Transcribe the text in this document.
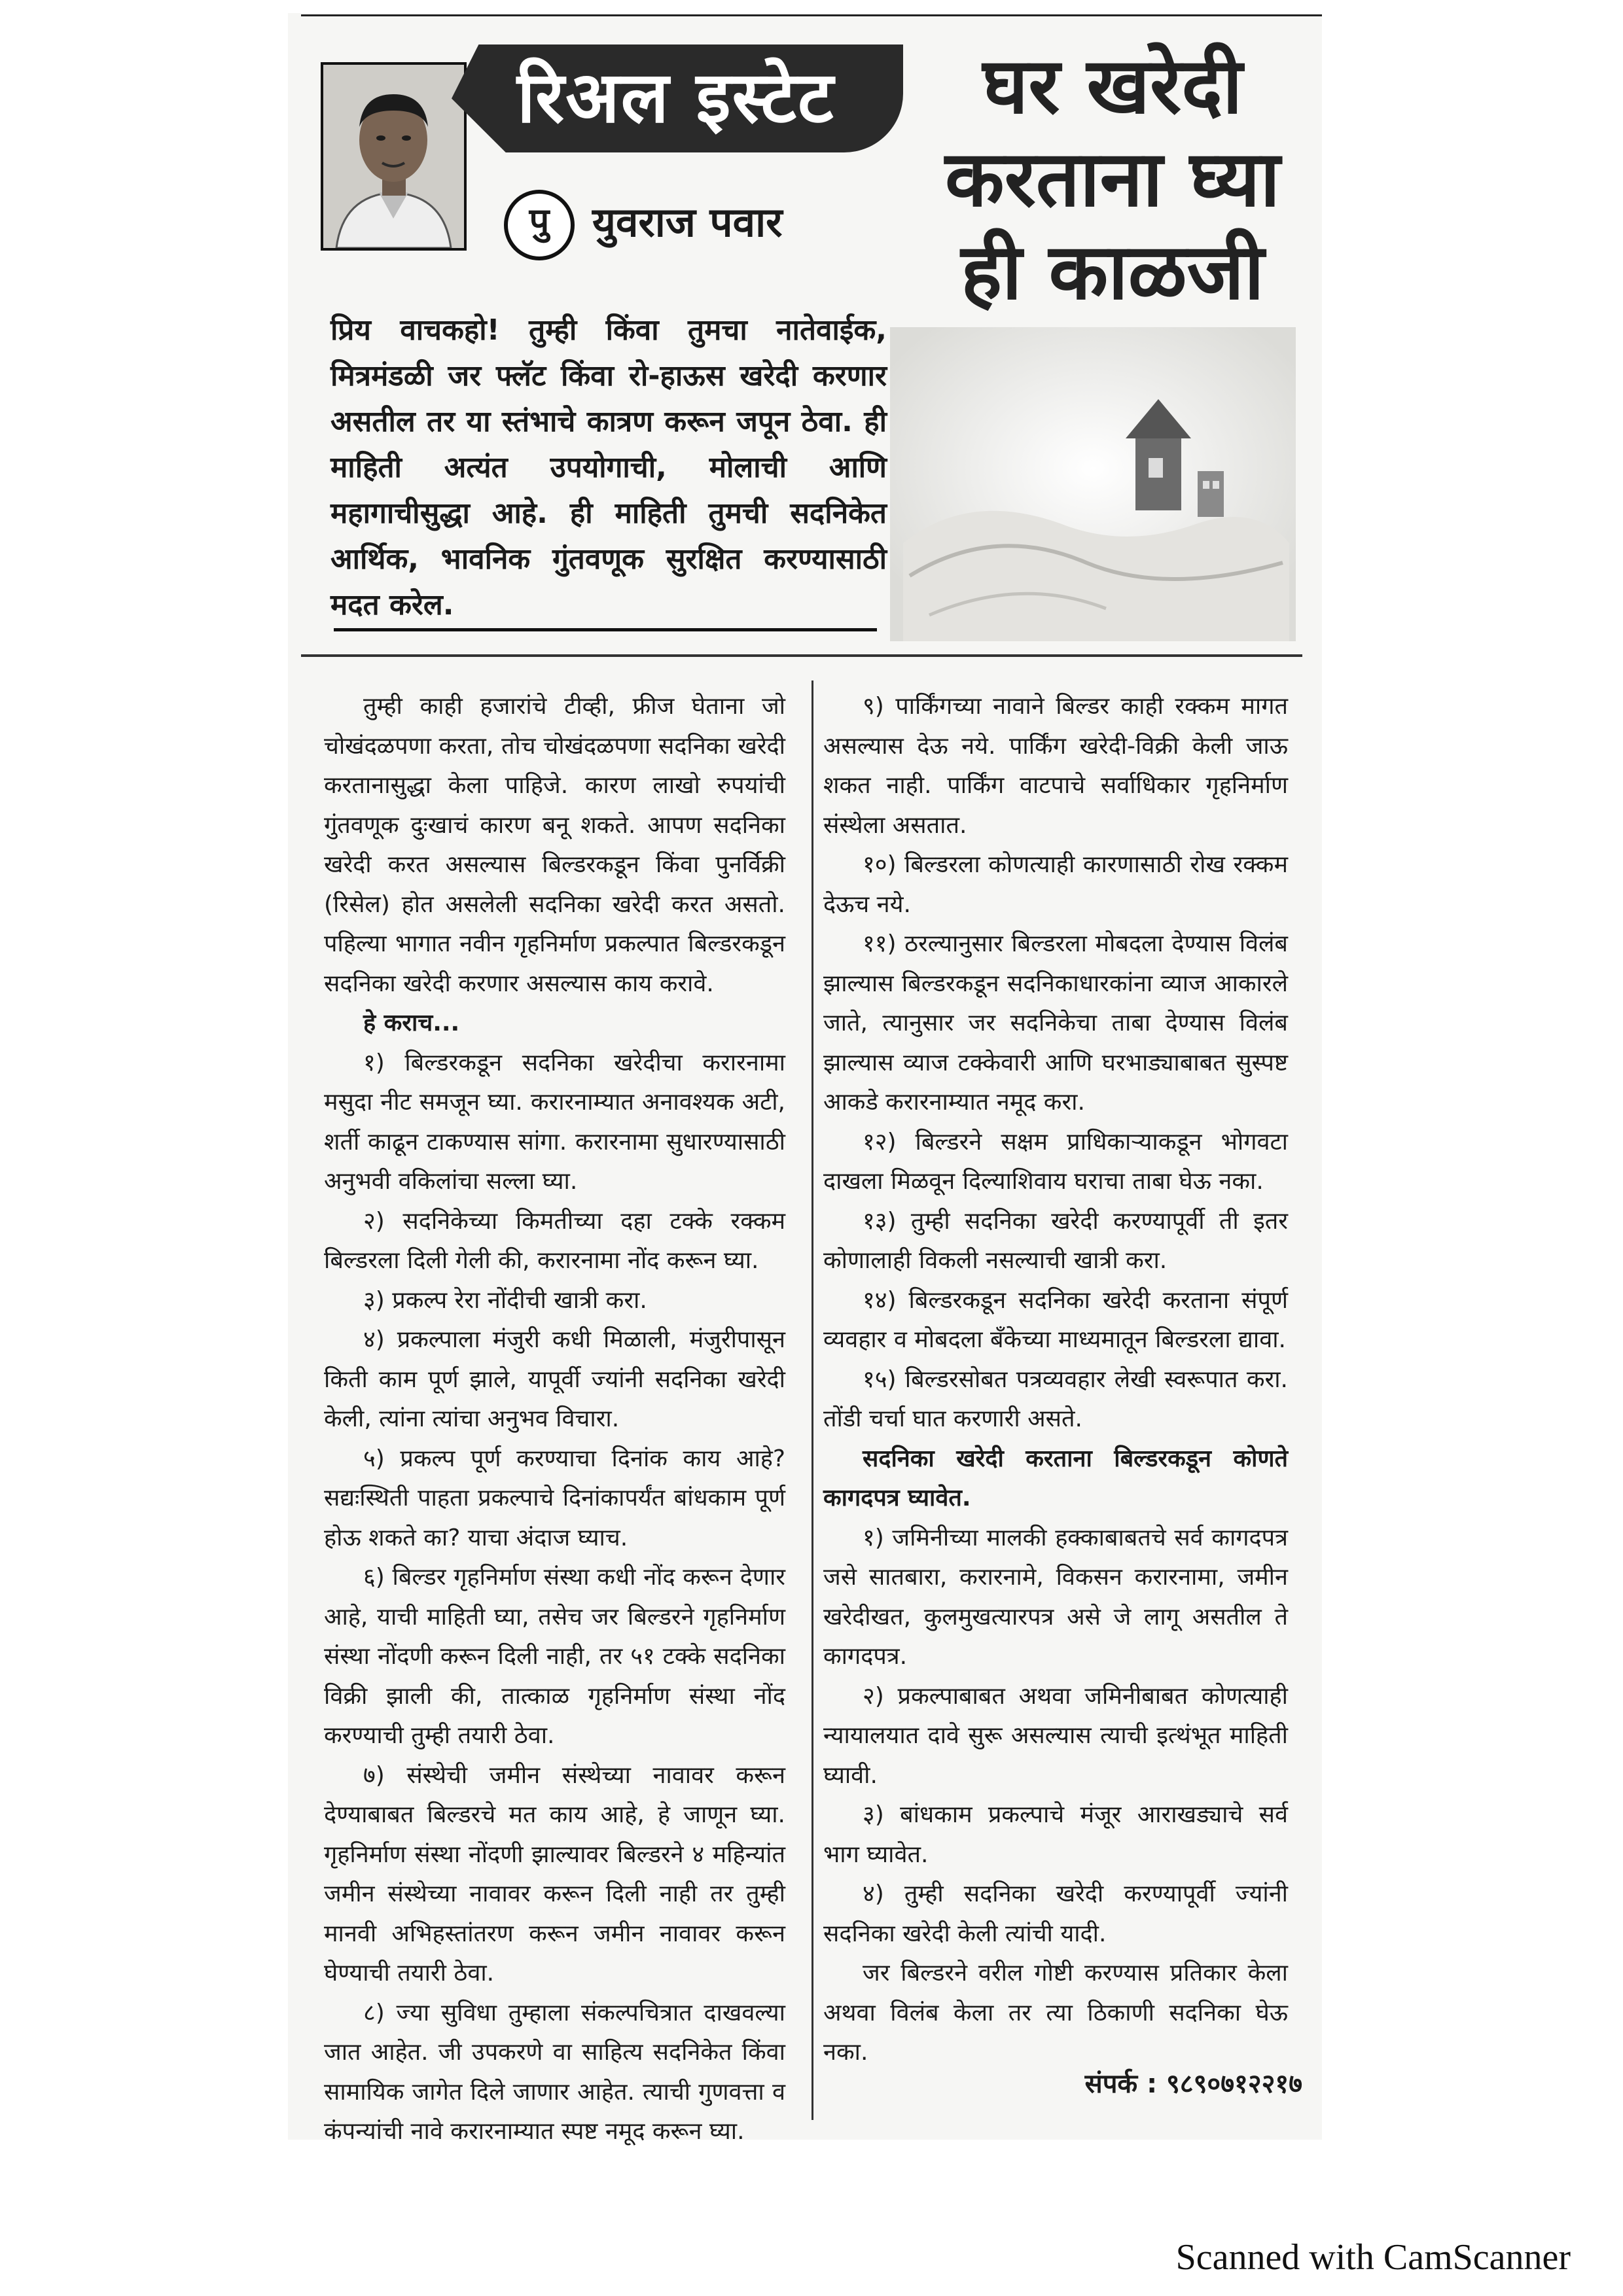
रिअल इस्टेट
पु	युवराज पवार
घर खरेदी करताना घ्या ही काळजी
प्रिय वाचकहो! तुम्ही किंवा तुमचा नातेवाईक, मित्रमंडळी जर फ्लॅट किंवा रो-हाऊस खरेदी करणार असतील तर या स्तंभाचे कात्रण करून जपून ठेवा. ही माहिती अत्यंत उपयोगाची, मोलाची आणि महागाचीसुद्धा आहे. ही माहिती तुमची सदनिकेत आर्थिक, भावनिक गुंतवणूक सुरक्षित करण्यासाठी मदत करेल.

तुम्ही काही हजारांचे टीव्ही, फ्रीज घेताना जो चोखंदळपणा करता, तोच चोखंदळपणा सदनिका खरेदी करतानासुद्धा केला पाहिजे. कारण लाखो रुपयांची गुंतवणूक दुःखाचं कारण बनू शकते. आपण सदनिका खरेदी करत असल्यास बिल्डरकडून किंवा पुनर्विक्री (रिसेल) होत असलेली सदनिका खरेदी करत असतो. पहिल्या भागात नवीन गृहनिर्माण प्रकल्पात बिल्डरकडून सदनिका खरेदी करणार असल्यास काय करावे.

हे कराच...

१) बिल्डरकडून सदनिका खरेदीचा करारनामा मसुदा नीट समजून घ्या. करारनाम्यात अनावश्यक अटी, शर्ती काढून टाकण्यास सांगा. करारनामा सुधारण्यासाठी अनुभवी वकिलांचा सल्ला घ्या.

२) सदनिकेच्या किमतीच्या दहा टक्के रक्कम बिल्डरला दिली गेली की, करारनामा नोंद करून घ्या.

३) प्रकल्प रेरा नोंदीची खात्री करा.

४) प्रकल्पाला मंजुरी कधी मिळाली, मंजुरीपासून किती काम पूर्ण झाले, यापूर्वी ज्यांनी सदनिका खरेदी केली, त्यांना त्यांचा अनुभव विचारा.

५) प्रकल्प पूर्ण करण्याचा दिनांक काय आहे? सद्यःस्थिती पाहता प्रकल्पाचे दिनांकापर्यंत बांधकाम पूर्ण होऊ शकते का? याचा अंदाज घ्याच.

६) बिल्डर गृहनिर्माण संस्था कधी नोंद करून देणार आहे, याची माहिती घ्या, तसेच जर बिल्डरने गृहनिर्माण संस्था नोंदणी करून दिली नाही, तर ५१ टक्के सदनिका विक्री झाली की, तात्काळ गृहनिर्माण संस्था नोंद करण्याची तुम्ही तयारी ठेवा.

७) संस्थेची जमीन संस्थेच्या नावावर करून देण्याबाबत बिल्डरचे मत काय आहे, हे जाणून घ्या. गृहनिर्माण संस्था नोंदणी झाल्यावर बिल्डरने ४ महिन्यांत जमीन संस्थेच्या नावावर करून दिली नाही तर तुम्ही मानवी अभिहस्तांतरण करून जमीन नावावर करून घेण्याची तयारी ठेवा.

८) ज्या सुविधा तुम्हाला संकल्पचित्रात दाखवल्या जात आहेत. जी उपकरणे वा साहित्य सदनिकेत किंवा सामायिक जागेत दिले जाणार आहेत. त्याची गुणवत्ता व कंपन्यांची नावे करारनाम्यात स्पष्ट नमूद करून घ्या.

९) पार्किंगच्या नावाने बिल्डर काही रक्कम मागत असल्यास देऊ नये. पार्किंग खरेदी-विक्री केली जाऊ शकत नाही. पार्किंग वाटपाचे सर्वाधिकार गृहनिर्माण संस्थेला असतात.

१०) बिल्डरला कोणत्याही कारणासाठी रोख रक्कम देऊच नये.

११) ठरल्यानुसार बिल्डरला मोबदला देण्यास विलंब झाल्यास बिल्डरकडून सदनिकाधारकांना व्याज आकारले जाते, त्यानुसार जर सदनिकेचा ताबा देण्यास विलंब झाल्यास व्याज टक्केवारी आणि घरभाड्याबाबत सुस्पष्ट आकडे करारनाम्यात नमूद करा.

१२) बिल्डरने सक्षम प्राधिकाऱ्याकडून भोगवटा दाखला मिळवून दिल्याशिवाय घराचा ताबा घेऊ नका.

१३) तुम्ही सदनिका खरेदी करण्यापूर्वी ती इतर कोणालाही विकली नसल्याची खात्री करा.

१४) बिल्डरकडून सदनिका खरेदी करताना संपूर्ण व्यवहार व मोबदला बँकेच्या माध्यमातून बिल्डरला द्यावा.

१५) बिल्डरसोबत पत्रव्यवहार लेखी स्वरूपात करा. तोंडी चर्चा घात करणारी असते.

सदनिका खरेदी करताना बिल्डरकडून कोणते कागदपत्र घ्यावेत.

१) जमिनीच्या मालकी हक्काबाबतचे सर्व कागदपत्र जसे सातबारा, करारनामे, विकसन करारनामा, जमीन खरेदीखत, कुलमुखत्यारपत्र असे जे लागू असतील ते कागदपत्र.

२) प्रकल्पाबाबत अथवा जमिनीबाबत कोणत्याही न्यायालयात दावे सुरू असल्यास त्याची इत्थंभूत माहिती घ्यावी.

३) बांधकाम प्रकल्पाचे मंजूर आराखड्याचे सर्व भाग घ्यावेत.

४) तुम्ही सदनिका खरेदी करण्यापूर्वी ज्यांनी सदनिका खरेदी केली त्यांची यादी.

जर बिल्डरने वरील गोष्टी करण्यास प्रतिकार केला अथवा विलंब केला तर त्या ठिकाणी सदनिका घेऊ नका.

संपर्क : ९८९०७१२२१७
Scanned with CamScanner
